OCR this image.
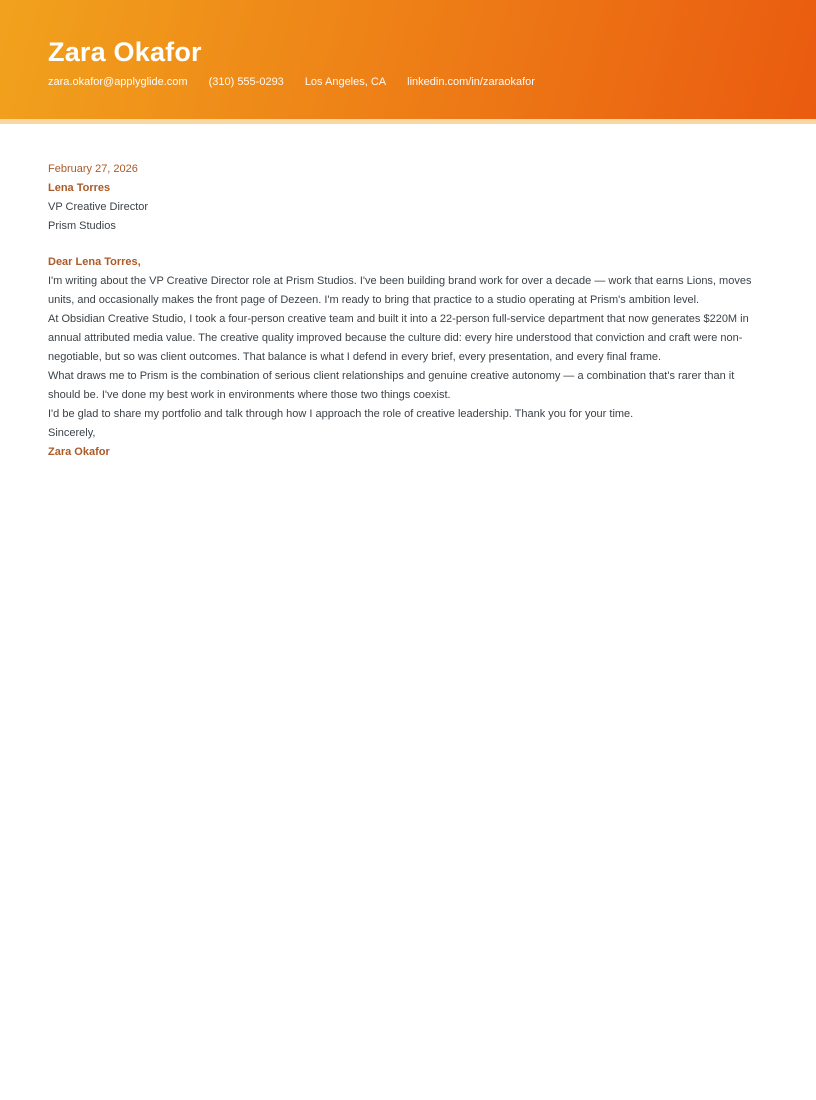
Zara Okafor
zara.okafor@applyglide.com (310) 555-0293 Los Angeles, CA linkedin.com/in/zaraokafor

February 27, 2026

Lena Torres

VP Creative Director

Prism Studios

Dear Lena Torres,

I'm writing about the VP Creative Director role at Prism Studios. I've been building brand work for over a decade — work that earns Lions, moves units, and occasionally makes the front page of Dezeen. I'm ready to bring that practice to a studio operating at Prism's ambition level.

At Obsidian Creative Studio, I took a four-person creative team and built it into a 22-person full-service department that now generates $220M in annual attributed media value. The creative quality improved because the culture did: every hire understood that conviction and craft were non-negotiable, but so was client outcomes. That balance is what I defend in every brief, every presentation, and every final frame.

What draws me to Prism is the combination of serious client relationships and genuine creative autonomy — a combination that's rarer than it should be. I've done my best work in environments where those two things coexist.

I'd be glad to share my portfolio and talk through how I approach the role of creative leadership. Thank you for your time.

Sincerely,

Zara Okafor
